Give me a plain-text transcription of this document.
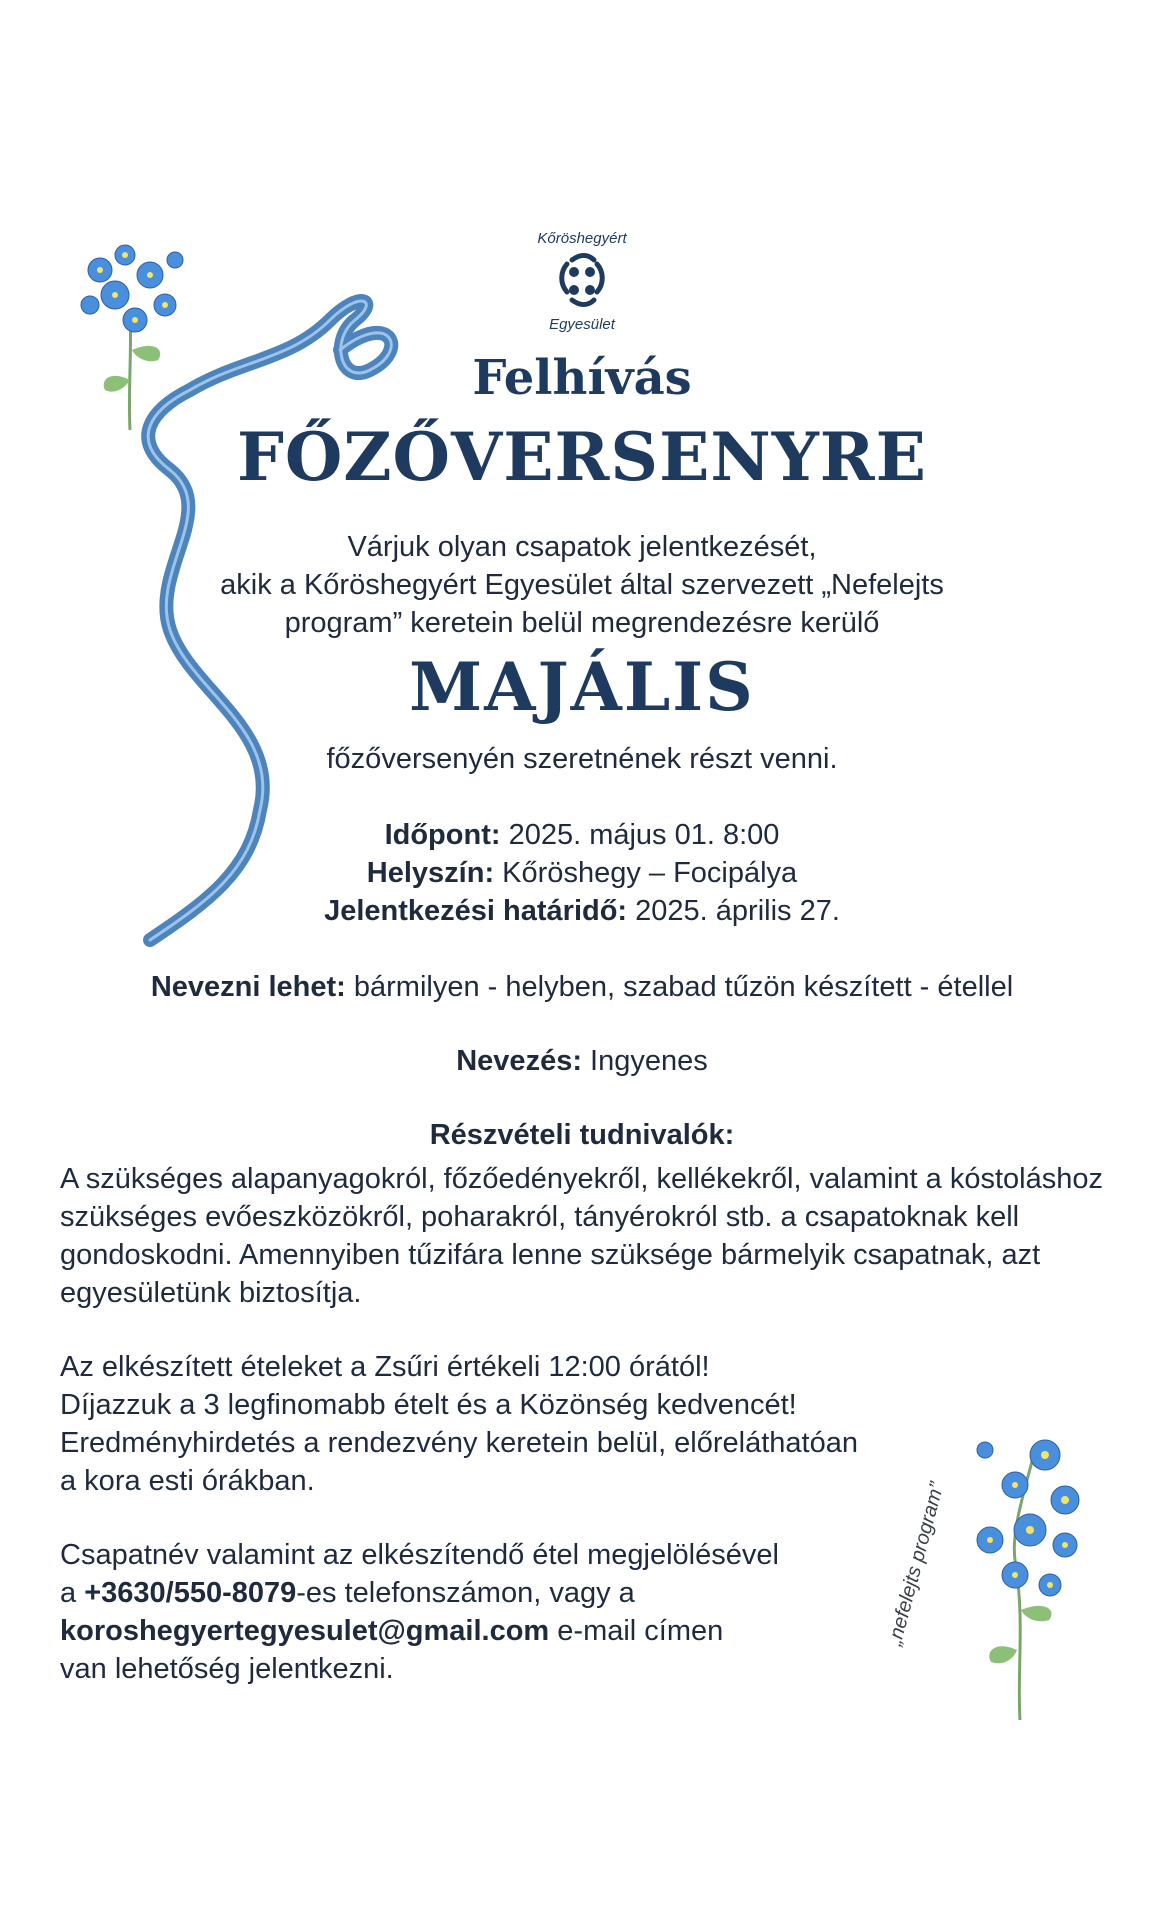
Kőröshegyért
Egyesület
Felhívás
FŐZŐVERSENYRE
Várjuk olyan csapatok jelentkezését,
akik a Kőröshegyért Egyesület által szervezett „Nefelejts
program” keretein belül megrendezésre kerülő
MAJÁLIS
főzőversenyén szeretnének részt venni.
Időpont: 2025. május 01. 8:00
Helyszín: Kőröshegy – Focipálya
Jelentkezési határidő: 2025. április 27.
Nevezni lehet: bármilyen - helyben, szabad tűzön készített - étellel
Nevezés: Ingyenes
Részvételi tudnivalók:
A szükséges alapanyagokról, főzőedényekről, kellékekről, valamint a kóstoláshoz
szükséges evőeszközökről, poharakról, tányérokról stb. a csapatoknak kell
gondoskodni. Amennyiben tűzifára lenne szüksége bármelyik csapatnak, azt
egyesületünk biztosítja.
Az elkészített ételeket a Zsűri értékeli 12:00 órától!
Díjazzuk a 3 legfinomabb ételt és a Közönség kedvencét!
Eredményhirdetés a rendezvény keretein belül, előreláthatóan
a kora esti órákban.
Csapatnév valamint az elkészítendő étel megjelölésével
a +3630/550-8079-es telefonszámon, vagy a
koroshegyertegyesulet@gmail.com e-mail címen
van lehetőség jelentkezni.
„nefelejts program”
